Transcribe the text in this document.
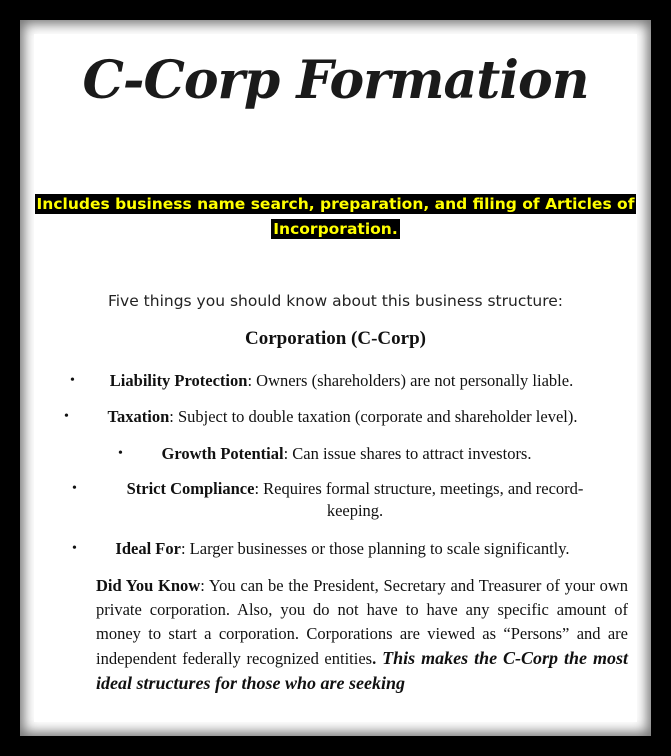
C-Corp Formation
Includes business name search, preparation, and filing of Articles of Incorporation.
Five things you should know about this business structure:
Corporation (C-Corp)
• Liability Protection: Owners (shareholders) are not personally liable.
• Taxation: Subject to double taxation (corporate and shareholder level).
• Growth Potential: Can issue shares to attract investors.
•	Strict Compliance: Requires formal structure, meetings, and record-keeping.
• Ideal For: Larger businesses or those planning to scale significantly.
Did You Know: You can be the President, Secretary and Treasurer of your own private corporation. Also, you do not have to have any specific amount of money to start a corporation. Corporations are viewed as “Persons” and are independent federally recognized entities. This makes the C-Corp the most ideal structures for those who are seeking
